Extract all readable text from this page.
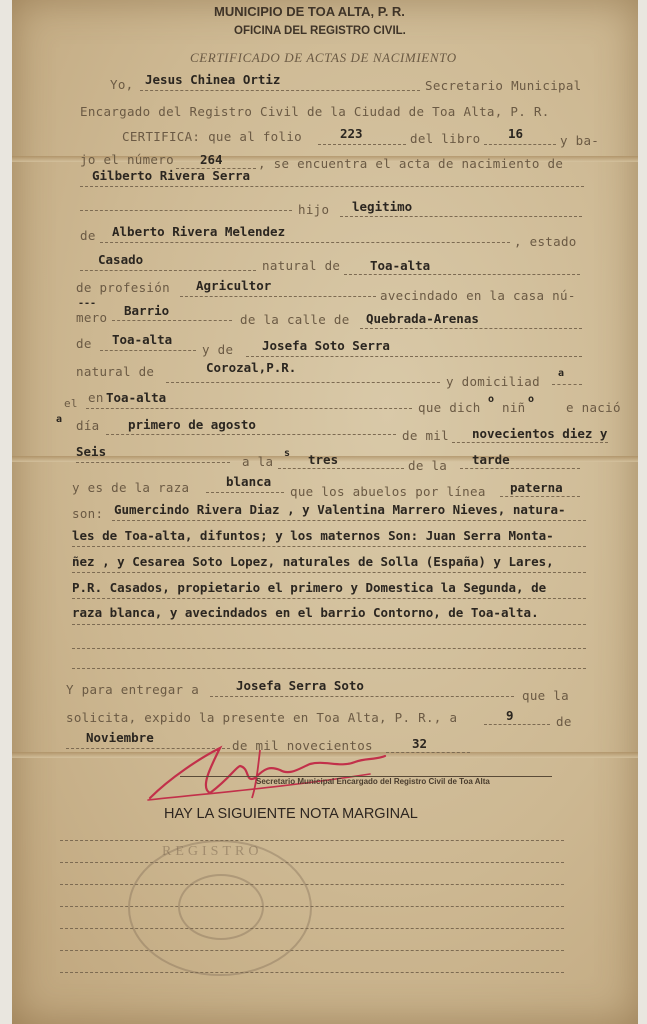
MUNICIPIO DE TOA ALTA, P. R.
OFICINA DEL REGISTRO CIVIL.
CERTIFICADO DE ACTAS DE NACIMIENTO
Yo, Jesus Chinea Ortiz	Secretario Municipal
Encargado del Registro Civil de la Ciudad de Toa Alta, P. R.
CERTIFICA: que al folio	223	del libro 16	y ba-
jo el número 264	, se encuentra el acta de nacimiento de
Gilberto Rivera Serra
hijo legitimo
de Alberto Rivera Melendez
, estado
Casado	natural de Toa-alta
de profesión Agricultor
avecindado en la casa nú-
---
mero Barrio
de la calle de Quebrada-Arenas
de Toa-alta
y de Josefa Soto Serra
natural de	Corozal,P.R.
y domiciliad
a
el en Toa-alta
que dich
o
niñ
o
e nació
a día primero de agosto
de mil novecientos diez y
Seis
a la
s tres	de la tarde
y es de la raza	blanca
que los abuelos por línea paterna
son: Gumercindo Rivera Diaz , y Valentina Marrero Nieves, natura-
les de Toa-alta, difuntos; y los maternos Son: Juan Serra Monta-
ñez , y Cesarea Soto Lopez, naturales de Solla (España) y Lares,
P.R. Casados, propietario el primero y Domestica la Segunda, de
raza blanca, y avecindados en el barrio Contorno, de Toa-alta.
Y para entregar a	Josefa Serra Soto
que la
solicita, expido la presente en Toa Alta, P. R., a	9	de
Noviembre
de mil novecientos	32
Secretario Municipal Encargado del Registro Civil de Toa Alta
HAY LA SIGUIENTE NOTA MARGINAL
REGISTRO
